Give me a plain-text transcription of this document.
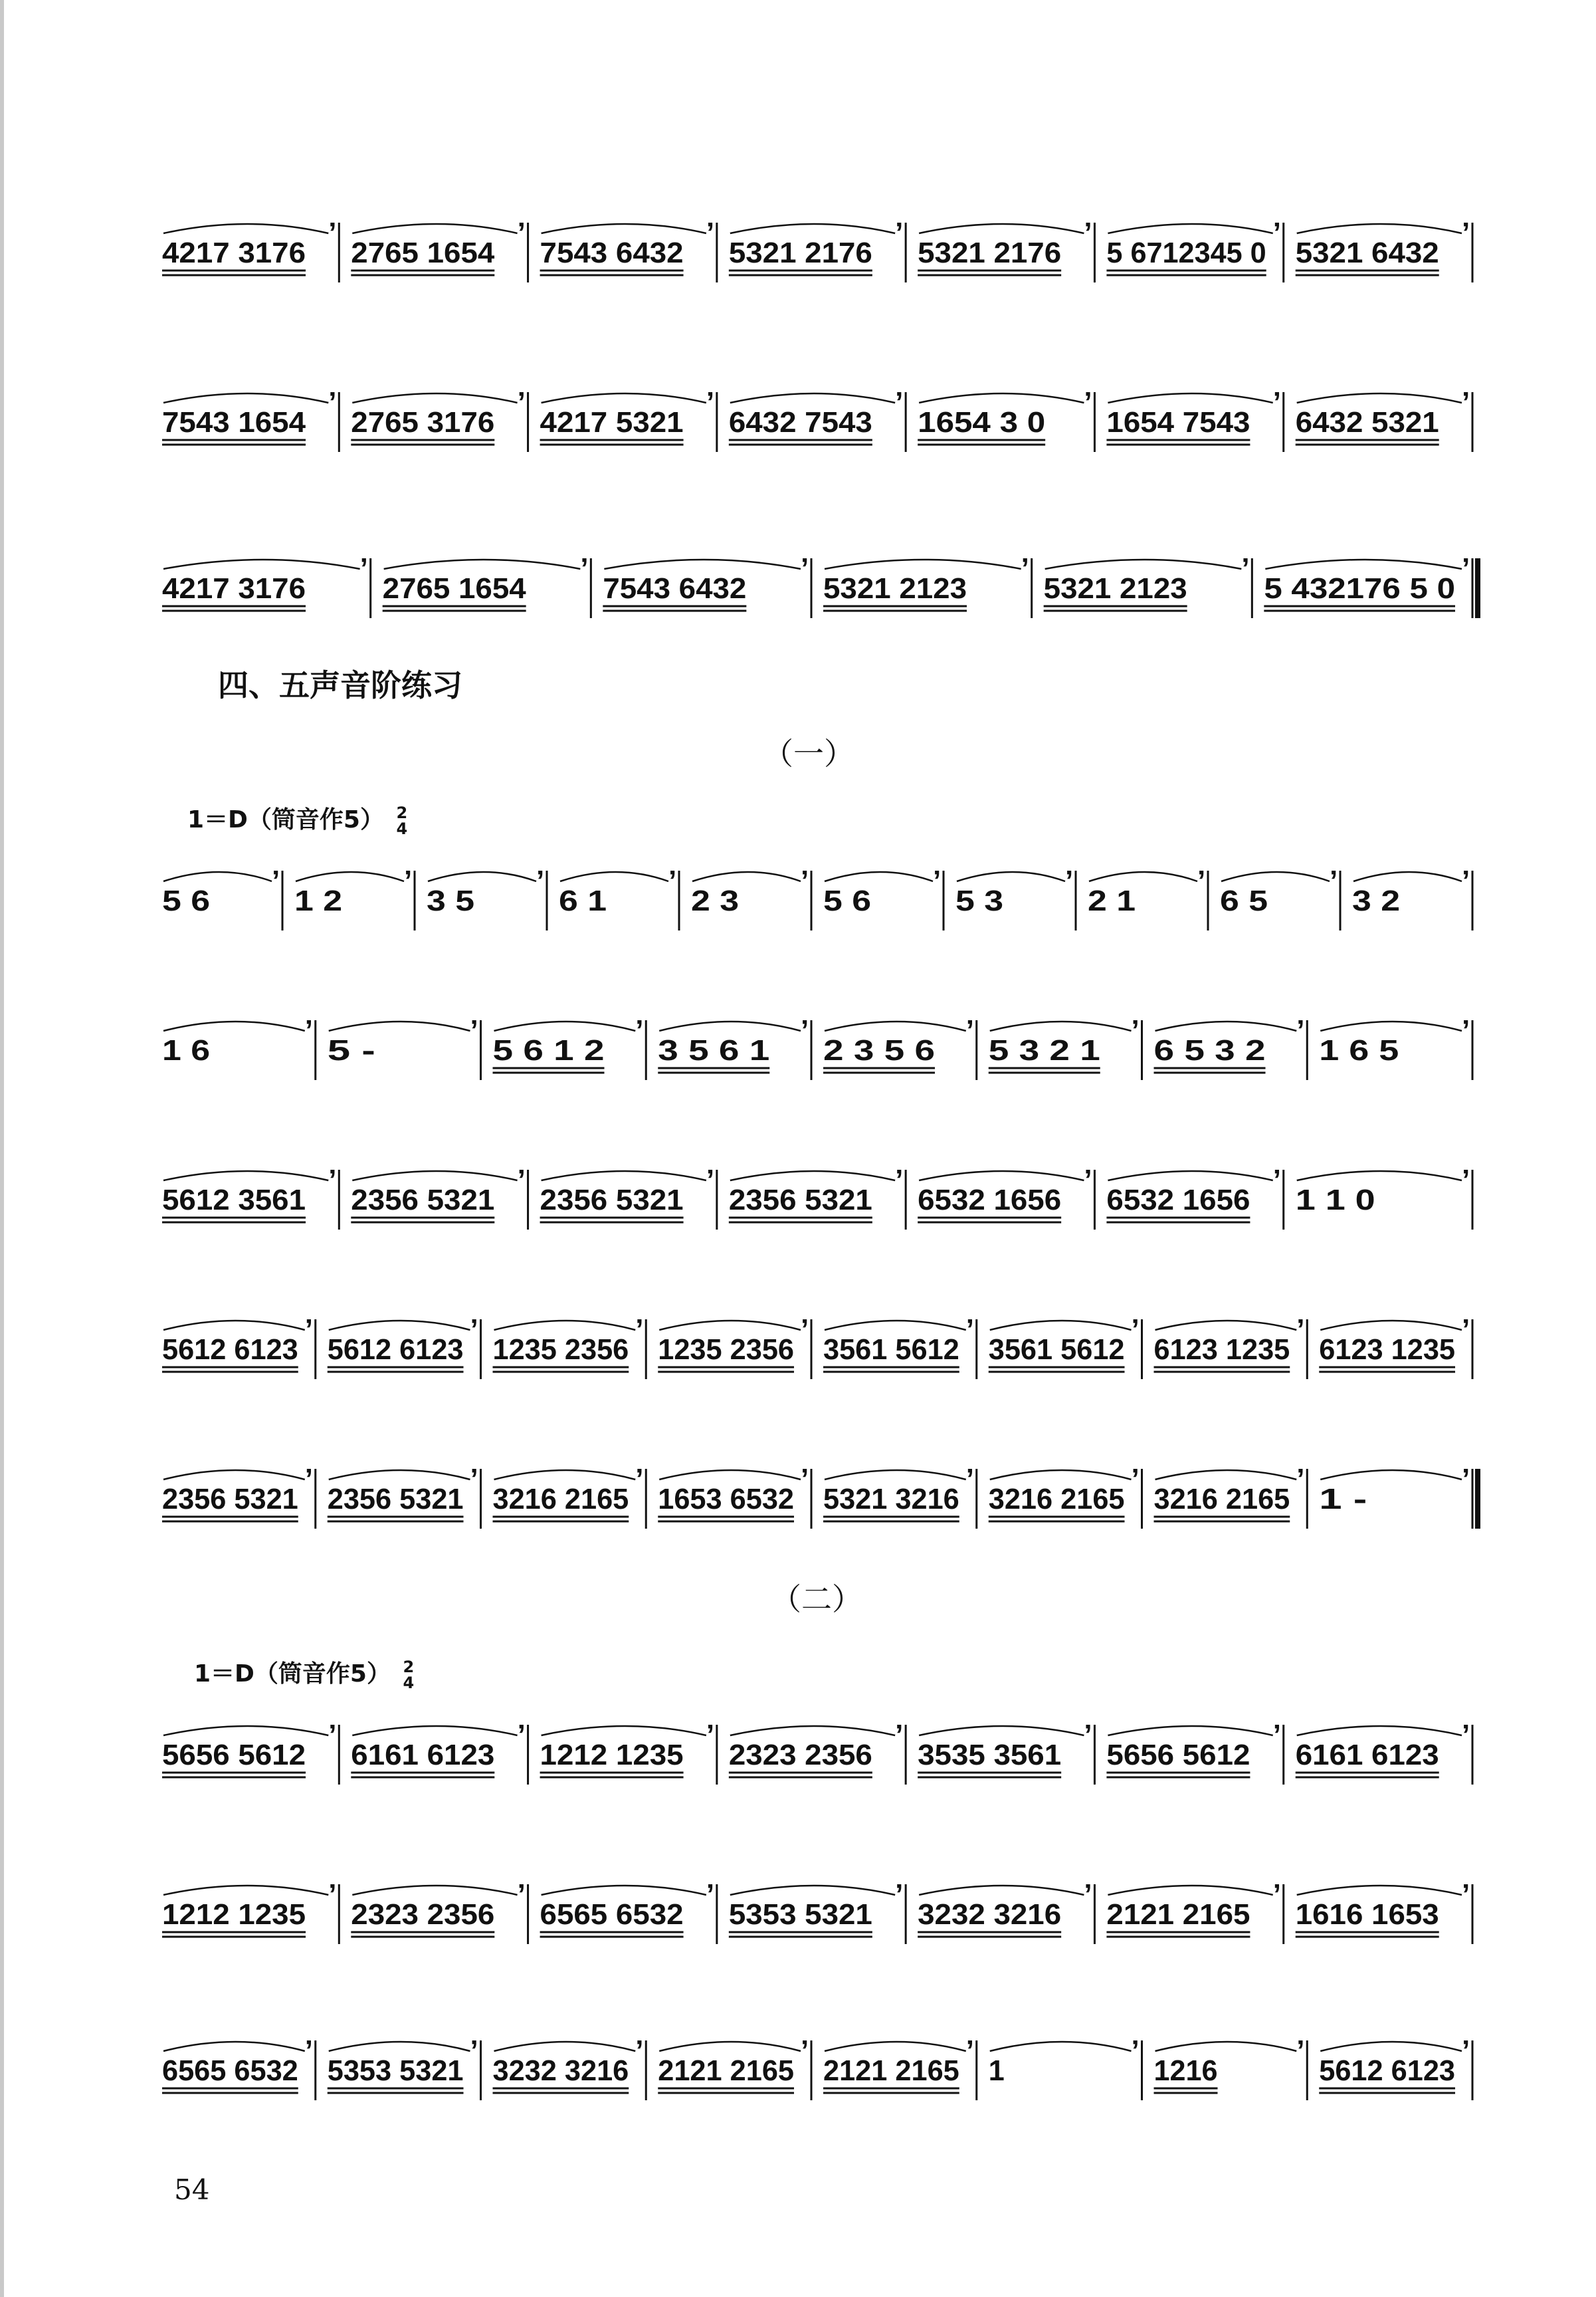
4217 3176
’
2765 1654
’
7543 6432
’
5321 2176
’
5321 2176
’
5 6712345 0
’
5321 6432
’
7543 1654
’
2765 3176
’
4217 5321
’
6432 7543
’
1654 3 0
’
1654 7543
’
6432 5321
’
4217 3176
’
2765 1654
’
7543 6432
’
5321 2123
’
5321 2123
’
5 432176 5 0
’
四、五声音阶练习
（一）
1＝D（筒音作5） 2
4
5 6
’
1 2
’
3 5
’
6 1
’
2 3
’
5 6
’
5 3
’
2 1
’
6 5
’
3 2
’
1 6
’
5 -
’
5 6 1 2
’
3 5 6 1
’
2 3 5 6
’
5 3 2 1
’
6 5 3 2
’
1 6 5
’
5612 3561
’
2356 5321
’
2356 5321
’
2356 5321
’
6532 1656
’
6532 1656
’
1 1 0
’
5612 6123
’
5612 6123
’
1235 2356
’
1235 2356
’
3561 5612
’
3561 5612
’
6123 1235
’
6123 1235
’
2356 5321
’
2356 5321
’
3216 2165
’
1653 6532
’
5321 3216
’
3216 2165
’
3216 2165
’
1 -
’
（二）
1＝D（筒音作5） 2
4
5656 5612
’
6161 6123
’
1212 1235
’
2323 2356
’
3535 3561
’
5656 5612
’
6161 6123
’
1212 1235
’
2323 2356
’
6565 6532
’
5353 5321
’
3232 3216
’
2121 2165
’
1616 1653
’
6565 6532
’
5353 5321
’
3232 3216
’
2121 2165
’
2121 2165
’
1
’
1216
’
5612 6123
’
54
